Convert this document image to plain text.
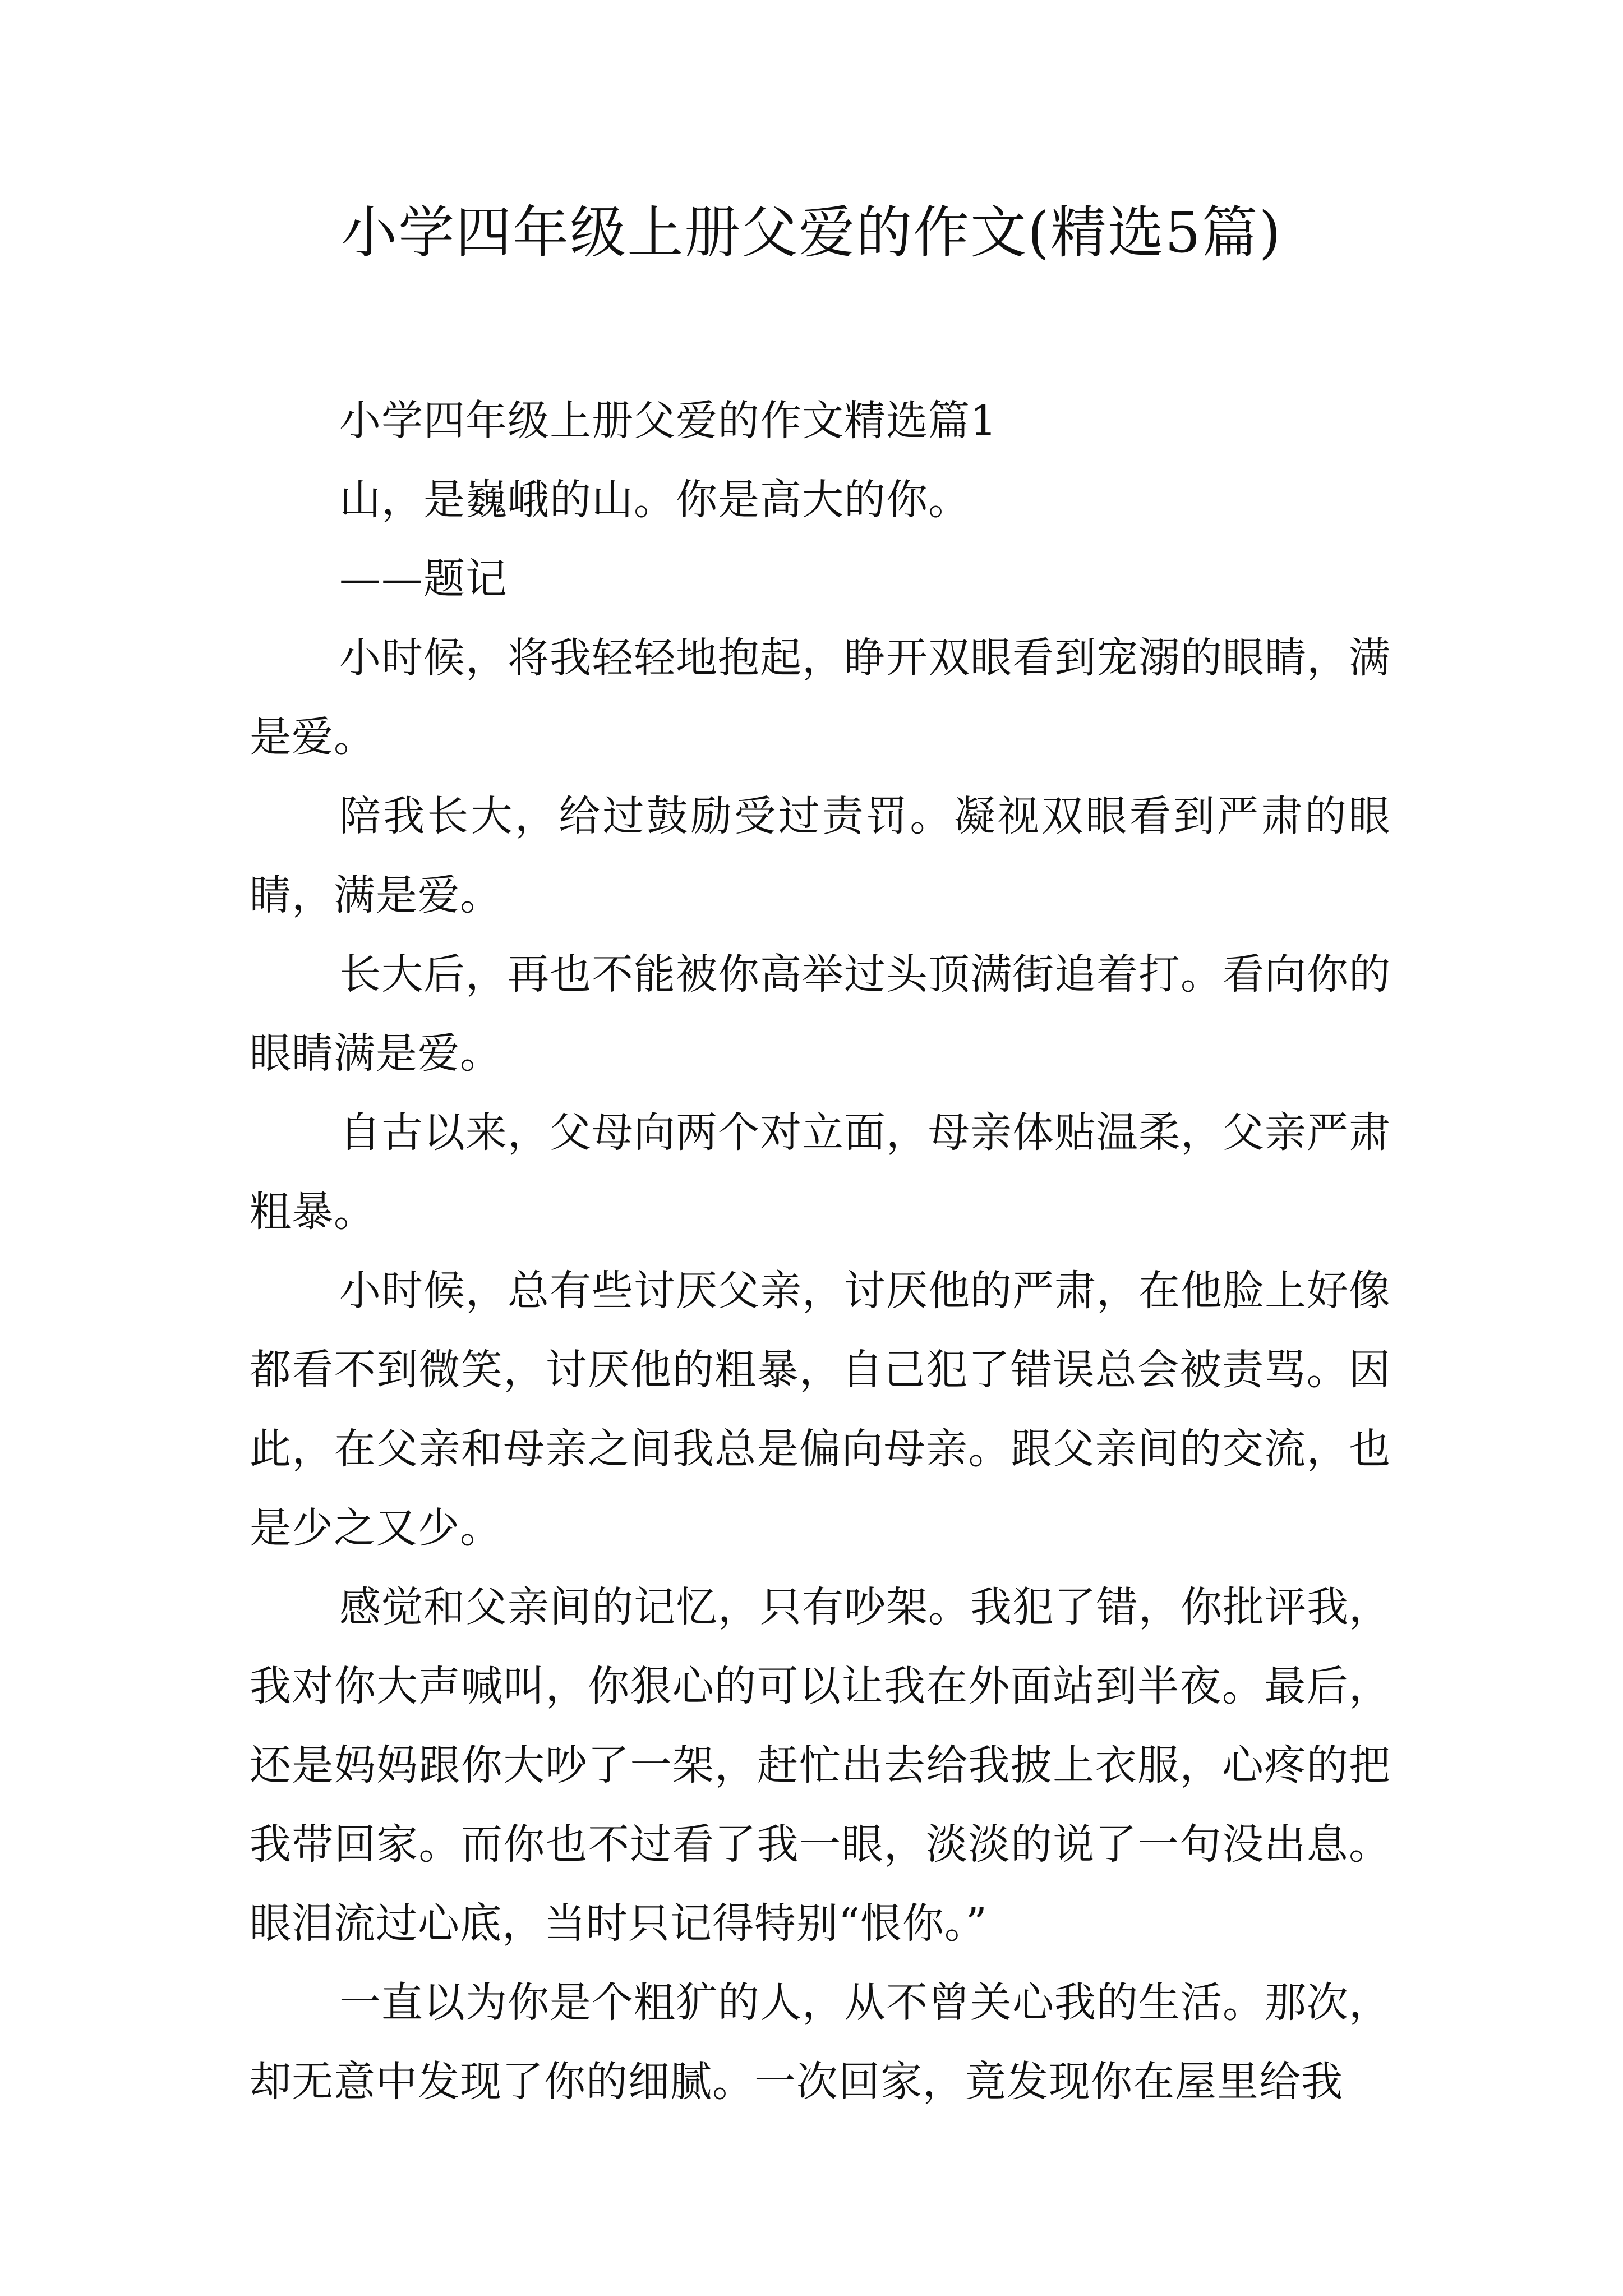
小学四年级上册父爱的作文(精选5篇)

小学四年级上册父爱的作文精选篇1

山，是巍峨的山。你是高大的你。

——题记

小时候，将我轻轻地抱起，睁开双眼看到宠溺的眼睛，满是爱。

陪我长大，给过鼓励受过责罚。凝视双眼看到严肃的眼睛，满是爱。

长大后，再也不能被你高举过头顶满街追着打。看向你的眼睛满是爱。

自古以来，父母向两个对立面，母亲体贴温柔，父亲严肃粗暴。

小时候，总有些讨厌父亲，讨厌他的严肃，在他脸上好像都看不到微笑，讨厌他的粗暴，自己犯了错误总会被责骂。因此，在父亲和母亲之间我总是偏向母亲。跟父亲间的交流，也是少之又少。

感觉和父亲间的记忆，只有吵架。我犯了错，你批评我，我对你大声喊叫，你狠心的可以让我在外面站到半夜。最后，还是妈妈跟你大吵了一架，赶忙出去给我披上衣服，心疼的把我带回家。而你也不过看了我一眼，淡淡的说了一句没出息。眼泪流过心底，当时只记得特别“恨你。”

一直以为你是个粗犷的人，从不曾关心我的生活。那次，却无意中发现了你的细腻。一次回家，竟发现你在屋里给我
